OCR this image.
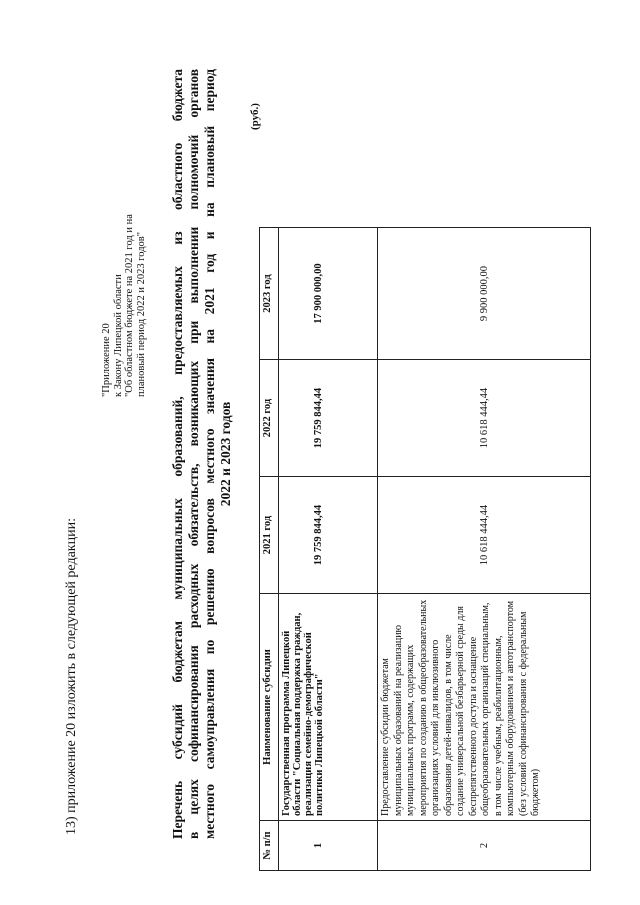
13) приложение 20 изложить в следующей редакции:
"Приложение 20 к Закону Липецкой области "Об областном бюджете на 2021 год и на плановый период 2022 и 2023 годов" Перечень субсидий бюджетам муниципальных образований, предоставляемых из областного бюджета в целях софинансирования расходных обязательств, возникающих при выполнении полномочий органов местного самоуправления по решению вопросов местного значения на 2021 год и на плановый период 2022 и 2023 годов
(руб.)
№ п/п	Наименование субсидии	2021 год	2022 год	2023 год
1	Государственная программа Липецкой области "Социальная поддержка граждан, реализация семейно-демографической политики Липецкой области"	19 759 844,44	19 759 844,44	17 900 000,00
2	Предоставление субсидии бюджетам муниципальных образований на реализацию муниципальных программ, содержащих мероприятия по созданию в общеобразовательных организациях условий для инклюзивного образования детей-инвалидов, в том числе создание универсальной безбарьерной среды для беспрепятственного доступа и оснащение общеобразовательных организаций специальным, в том числе учебным, реабилитационным, компьютерным оборудованием и автотранспортом (без условий софинансирования с федеральным бюджетом)	10 618 444,44	10 618 444,44	9 900 000,00
